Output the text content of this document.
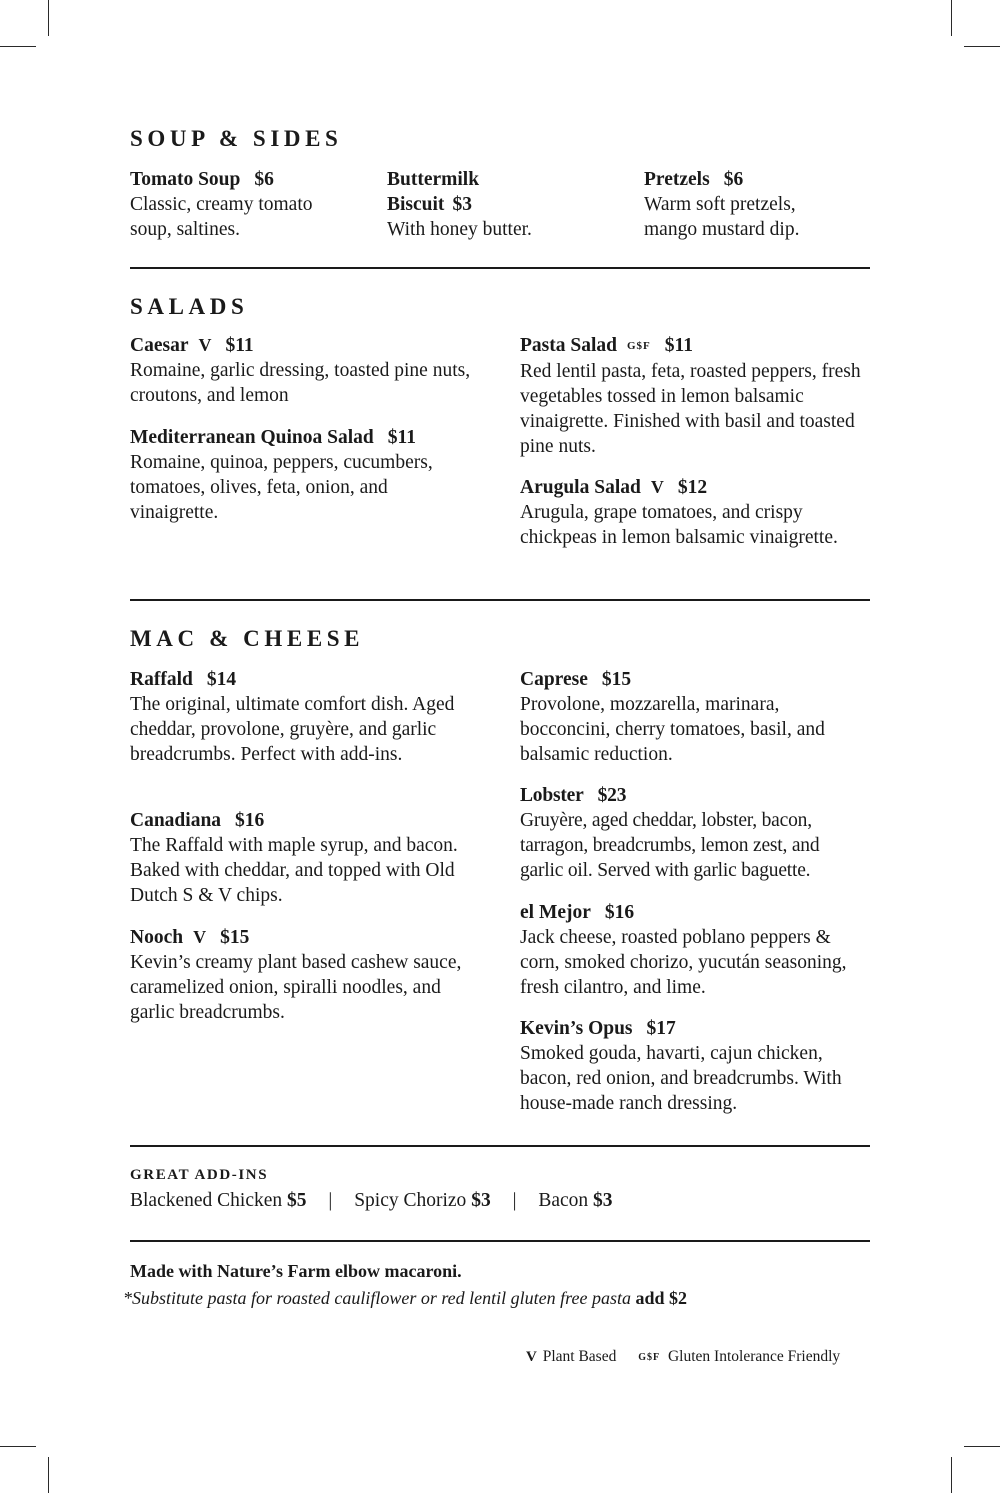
SOUP & SIDES
Tomato Soup $6
Classic, creamy tomato soup, saltines.
Buttermilk
Biscuit $3
With honey butter.
Pretzels $6
Warm soft pretzels, mango mustard dip.
SALADS
Caesar V $11
Romaine, garlic dressing, toasted pine nuts, croutons, and lemon
Mediterranean Quinoa Salad $11
Romaine, quinoa, peppers, cucumbers, tomatoes, olives, feta, onion, and vinaigrette.
Pasta Salad G$F $11
Red lentil pasta, feta, roasted peppers, fresh vegetables tossed in lemon balsamic vinaigrette. Finished with basil and toasted pine nuts.
Arugula Salad V $12
Arugula, grape tomatoes, and crispy chickpeas in lemon balsamic vinaigrette.
MAC & CHEESE
Raffald $14
The original, ultimate comfort dish. Aged cheddar, provolone, gruyère, and garlic breadcrumbs. Perfect with add-ins.
Canadiana $16
The Raffald with maple syrup, and bacon. Baked with cheddar, and topped with Old Dutch S & V chips.
Nooch V $15
Kevin’s creamy plant based cashew sauce, caramelized onion, spiralli noodles, and garlic breadcrumbs.
Caprese $15
Provolone, mozzarella, marinara, bocconcini, cherry tomatoes, basil, and balsamic reduction.
Lobster $23
Gruyère, aged cheddar, lobster, bacon, tarragon, breadcrumbs, lemon zest, and garlic oil. Served with garlic baguette.
el Mejor $16
Jack cheese, roasted poblano peppers & corn, smoked chorizo, yucután seasoning, fresh cilantro, and lime.
Kevin’s Opus $17
Smoked gouda, havarti, cajun chicken, bacon, red onion, and breadcrumbs. With house-made ranch dressing.
GREAT ADD-INS
Blackened Chicken $5 | Spicy Chorizo $3 | Bacon $3
Made with Nature’s Farm elbow macaroni.
*Substitute pasta for roasted cauliflower or red lentil gluten free pasta add $2
V Plant Based G$F Gluten Intolerance Friendly
